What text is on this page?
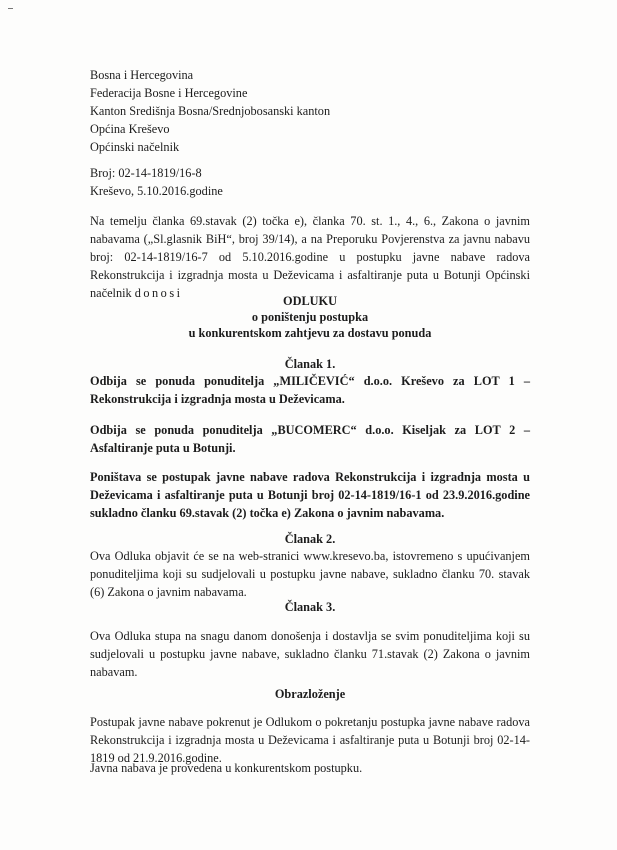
Bosna i Hercegovina
Federacija Bosne i Hercegovine
Kanton Središnja Bosna/Srednjobosanski kanton
Općina Kreševo
Općinski načelnik
Broj: 02-14-1819/16-8
Kreševo, 5.10.2016.godine
Na temelju članka 69.stavak (2) točka e), članka 70. st. 1., 4., 6., Zakona o javnim nabavama („Sl.glasnik BiH“, broj 39/14), a na Preporuku Povjerenstva za javnu nabavu broj: 02-14-1819/16-7 od 5.10.2016.godine u postupku javne nabave radova Rekonstrukcija i izgradnja mosta u Deževicama i asfaltiranje puta u Botunji Općinski načelnik donosi
ODLUKU
o poništenju postupka
u konkurentskom zahtjevu za dostavu ponuda
Članak 1.
Odbija se ponuda ponuditelja „MILIČEVIĆ“ d.o.o. Kreševo za LOT 1 – Rekonstrukcija i izgradnja mosta u Deževicama.
Odbija se ponuda ponuditelja „BUCOMERC“ d.o.o. Kiseljak za LOT 2 – Asfaltiranje puta u Botunji.
Poništava se postupak javne nabave radova Rekonstrukcija i izgradnja mosta u Deževicama i asfaltiranje puta u Botunji broj 02-14-1819/16-1 od 23.9.2016.godine sukladno članku 69.stavak (2) točka e) Zakona o javnim nabavama.
Članak 2.
Ova Odluka objavit će se na web-stranici www.kresevo.ba, istovremeno s upućivanjem ponuditeljima koji su sudjelovali u postupku javne nabave, sukladno članku 70. stavak (6) Zakona o javnim nabavama.
Članak 3.
Ova Odluka stupa na snagu danom donošenja i dostavlja se svim ponuditeljima koji su sudjelovali u postupku javne nabave, sukladno članku 71.stavak (2) Zakona o javnim nabavam.
Obrazloženje
Postupak javne nabave pokrenut je Odlukom o pokretanju postupka javne nabave radova Rekonstrukcija i izgradnja mosta u Deževicama i asfaltiranje puta u Botunji broj 02-14-1819 od 21.9.2016.godine.
Javna nabava je provedena u konkurentskom postupku.
